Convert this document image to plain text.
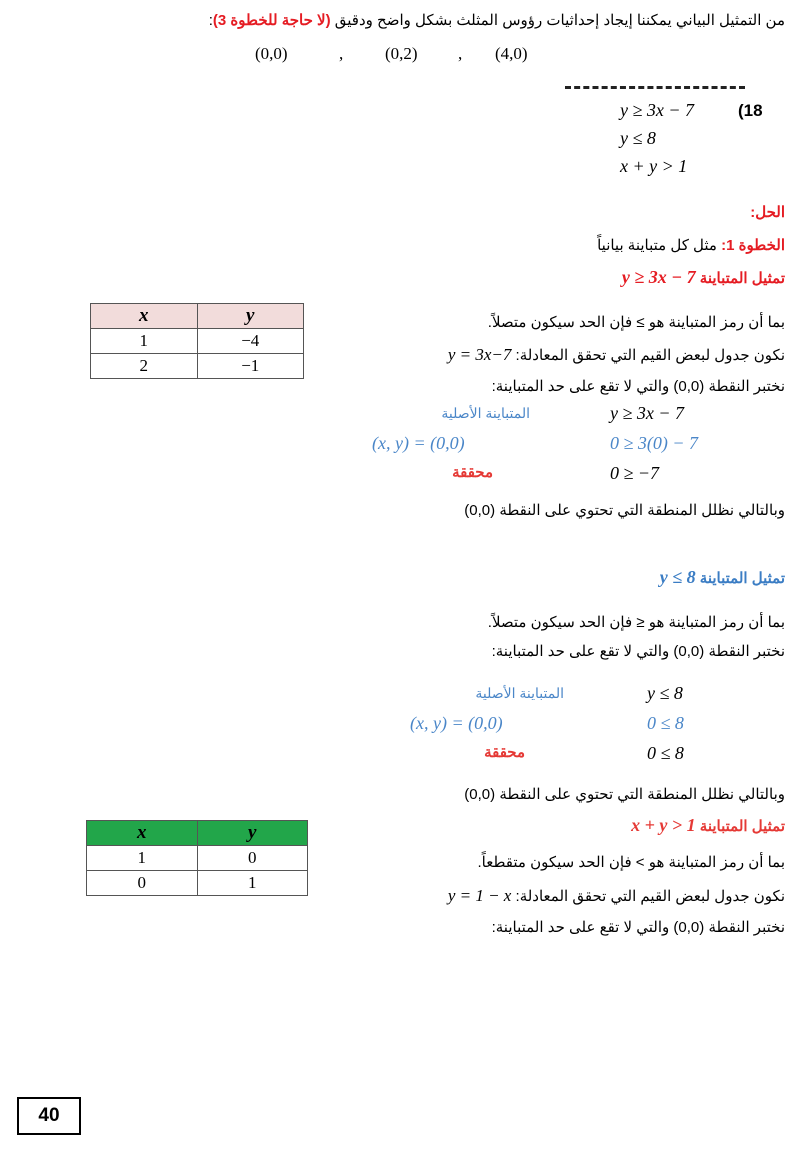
من التمثيل البياني يمكننا إيجاد إحداثيات رؤوس المثلث بشكل واضح ودقيق (لا حاجة للخطوة 3):
(0,0)	, (0,2) , (4,0)
y ≥ 3x − 7	(18
y ≤ 8
x + y > 1
الحل:
الخطوة 1: مثل كل متباينة بيانياً
تمثيل المتباينة y ≥ 3x − 7
بما أن رمز المتباينة هو ≥ فإن الحد سيكون متصلاً.
نكون جدول لبعض القيم التي تحقق المعادلة: y = 3x−7
نختبر النقطة (0,0) والتي لا تقع على حد المتباينة:
y ≥ 3x − 7
المتباينة الأصلية
0 ≥ 3(0) − 7
(x, y) = (0,0)
0 ≥ −7
محققة
وبالتالي نظلل المنطقة التي تحتوي على النقطة (0,0)
x	y
1	−4
2	−1
تمثيل المتباينة y ≤ 8
بما أن رمز المتباينة هو ≤ فإن الحد سيكون متصلاً.
نختبر النقطة (0,0) والتي لا تقع على حد المتباينة:
y ≤ 8
المتباينة الأصلية
0 ≤ 8
(x, y) = (0,0)
0 ≤ 8
محققة
وبالتالي نظلل المنطقة التي تحتوي على النقطة (0,0)
تمثيل المتباينة x + y > 1
بما أن رمز المتباينة هو > فإن الحد سيكون متقطعاً.
نكون جدول لبعض القيم التي تحقق المعادلة: y = 1 − x
نختبر النقطة (0,0) والتي لا تقع على حد المتباينة:
x	y
1	0
0	1
40
